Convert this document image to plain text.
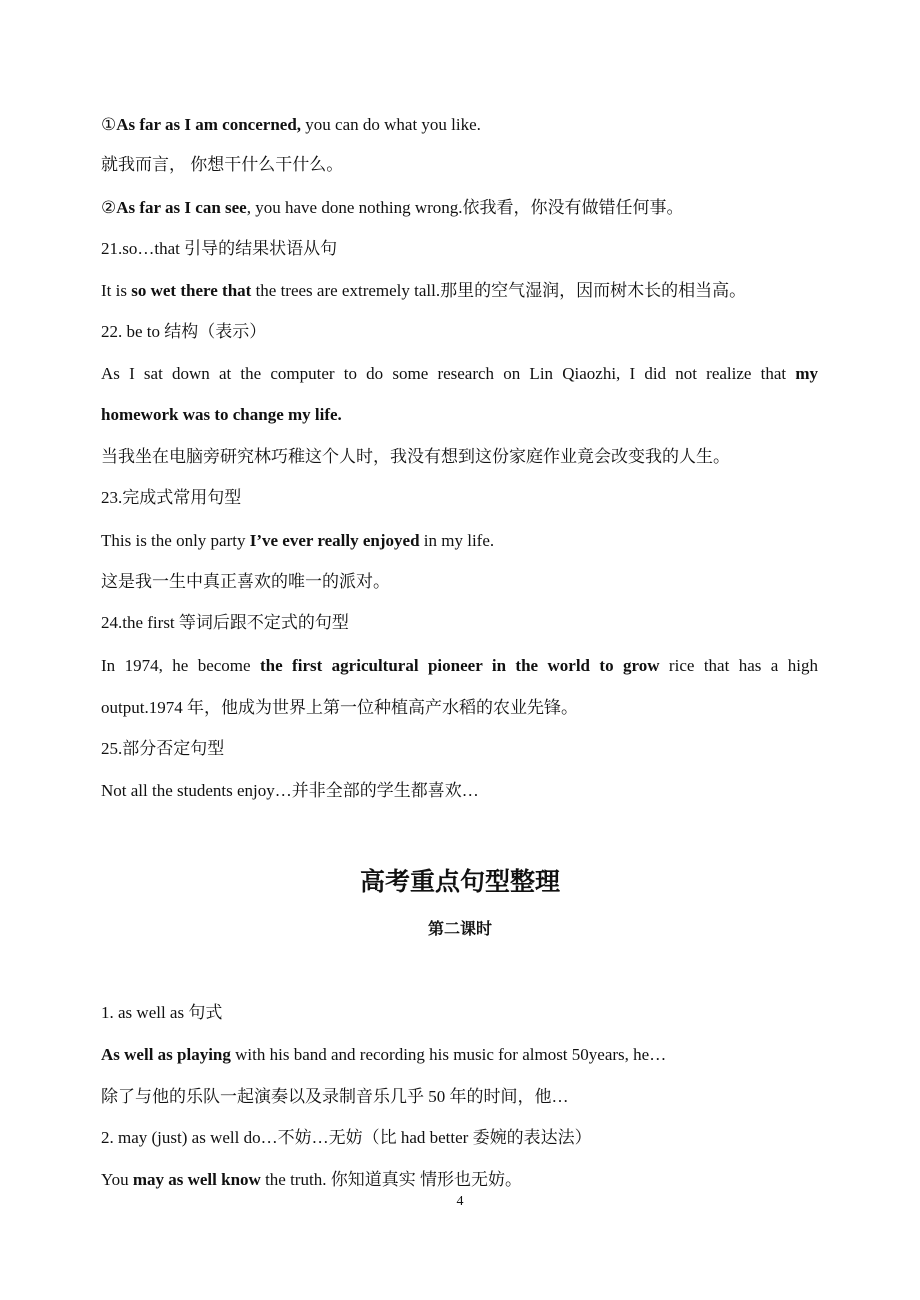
①As far as I am concerned, you can do what you like.
就我而言， 你想干什么干什么。
②As far as I can see, you have done nothing wrong.依我看，你没有做错任何事。
21.so…that 引导的结果状语从句
It is so wet there that the trees are extremely tall.那里的空气湿润，因而树木长的相当高。
22. be to 结构（表示）
As I sat down at the computer to do some research on Lin Qiaozhi, I did not realize that my
homework was to change my life.
当我坐在电脑旁研究林巧稚这个人时，我没有想到这份家庭作业竟会改变我的人生。
23.完成式常用句型
This is the only party I’ve ever really enjoyed in my life.
这是我一生中真正喜欢的唯一的派对。
24.the first 等词后跟不定式的句型
In 1974, he become the first agricultural pioneer in the world to grow rice that has a high
output.1974 年，他成为世界上第一位种植高产水稻的农业先锋。
25.部分否定句型
Not all the students enjoy…并非全部的学生都喜欢…
高考重点句型整理
第二课时
1. as well as 句式
As well as playing with his band and recording his music for almost 50years, he…
除了与他的乐队一起演奏以及录制音乐几乎 50 年的时间，他…
2. may (just) as well do…不妨…无妨（比 had better 委婉的表达法）
You may as well know the truth. 你知道真实 情形也无妨。
4
